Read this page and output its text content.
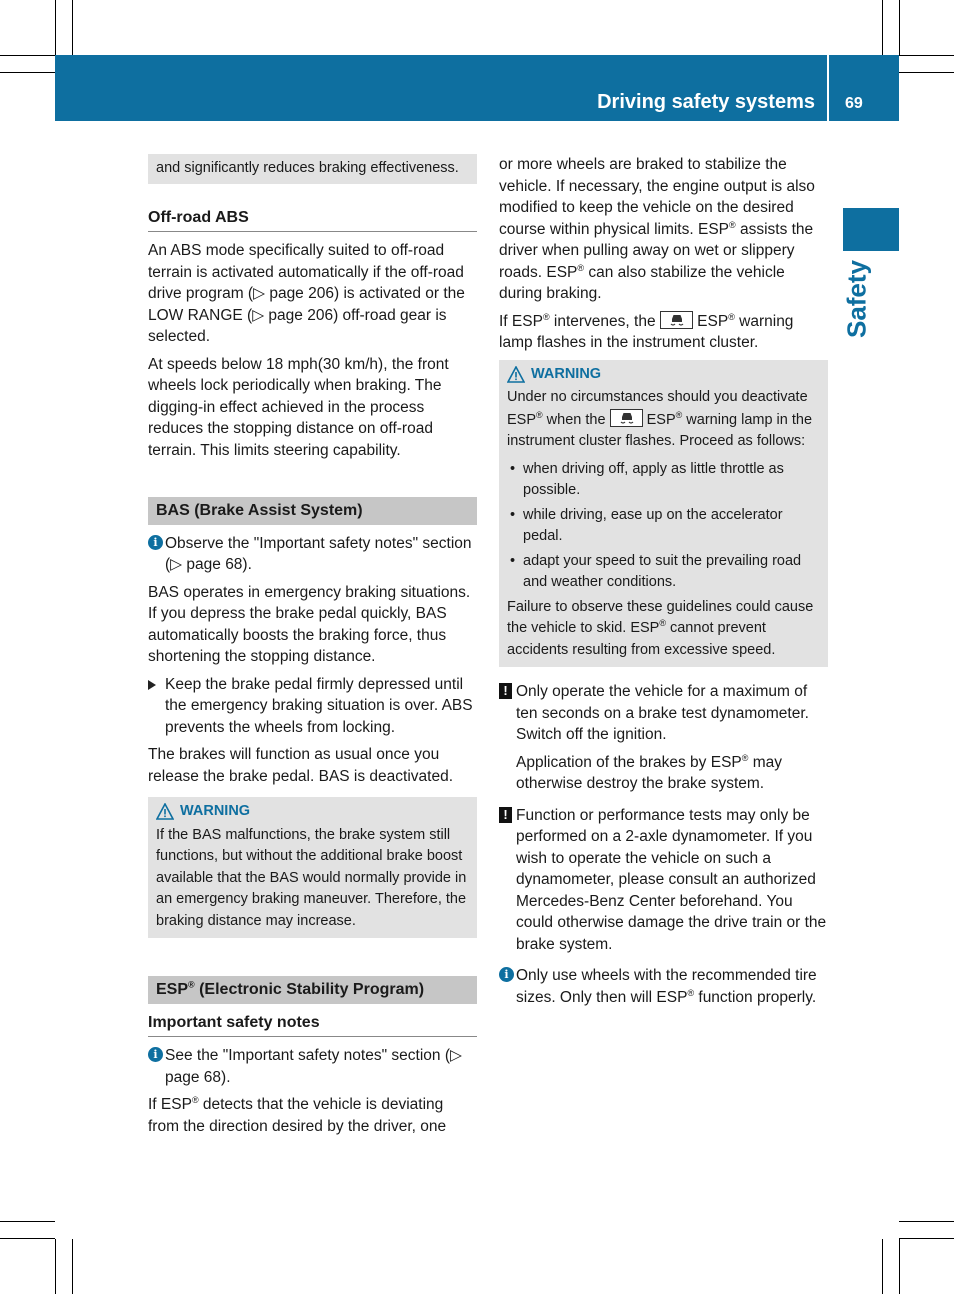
Driving safety systems 69
Safety
and significantly reduces braking effectiveness.
Off-road ABS

An ABS mode specifically suited to off-road terrain is activated automatically if the off-road drive program (▷ page 206) is activated or the LOW RANGE (▷ page 206) off-road gear is selected.

At speeds below 18 mph(30 km/h), the front wheels lock periodically when braking. The digging-in effect achieved in the process reduces the stopping distance on off-road terrain. This limits steering capability.

BAS (Brake Assist System)

i Observe the "Important safety notes" section (▷ page 68).

BAS operates in emergency braking situations. If you depress the brake pedal quickly, BAS automatically boosts the braking force, thus shortening the stopping distance.

Keep the brake pedal firmly depressed until the emergency braking situation is over. ABS prevents the wheels from locking.

The brakes will function as usual once you release the brake pedal. BAS is deactivated.

WARNING
If the BAS malfunctions, the brake system still functions, but without the additional brake boost available that the BAS would normally provide in an emergency braking maneuver. Therefore, the braking distance may increase.
ESP® (Electronic Stability Program)
Important safety notes

i See the "Important safety notes" section (▷ page 68).

If ESP® detects that the vehicle is deviating from the direction desired by the driver, one

or more wheels are braked to stabilize the vehicle. If necessary, the engine output is also modified to keep the vehicle on the desired course within physical limits. ESP® assists the driver when pulling away on wet or slippery roads. ESP® can also stabilize the vehicle during braking.

If ESP® intervenes, the
ESP® warning lamp flashes in the instrument cluster.

WARNING
Under no circumstances should you deactivate ESP® when the
ESP® warning lamp in the instrument cluster flashes. Proceed as follows:
• when driving off, apply as little throttle as possible.
• while driving, ease up on the accelerator pedal.
• adapt your speed to suit the prevailing road and weather conditions.
Failure to observe these guidelines could cause the vehicle to skid. ESP® cannot prevent accidents resulting from excessive speed.

! Only operate the vehicle for a maximum of ten seconds on a brake test dynamometer. Switch off the ignition.

Application of the brakes by ESP® may otherwise destroy the brake system.

! Function or performance tests may only be performed on a 2-axle dynamometer. If you wish to operate the vehicle on such a dynamometer, please consult an authorized Mercedes-Benz Center beforehand. You could otherwise damage the drive train or the brake system.

i Only use wheels with the recommended tire sizes. Only then will ESP® function properly.
